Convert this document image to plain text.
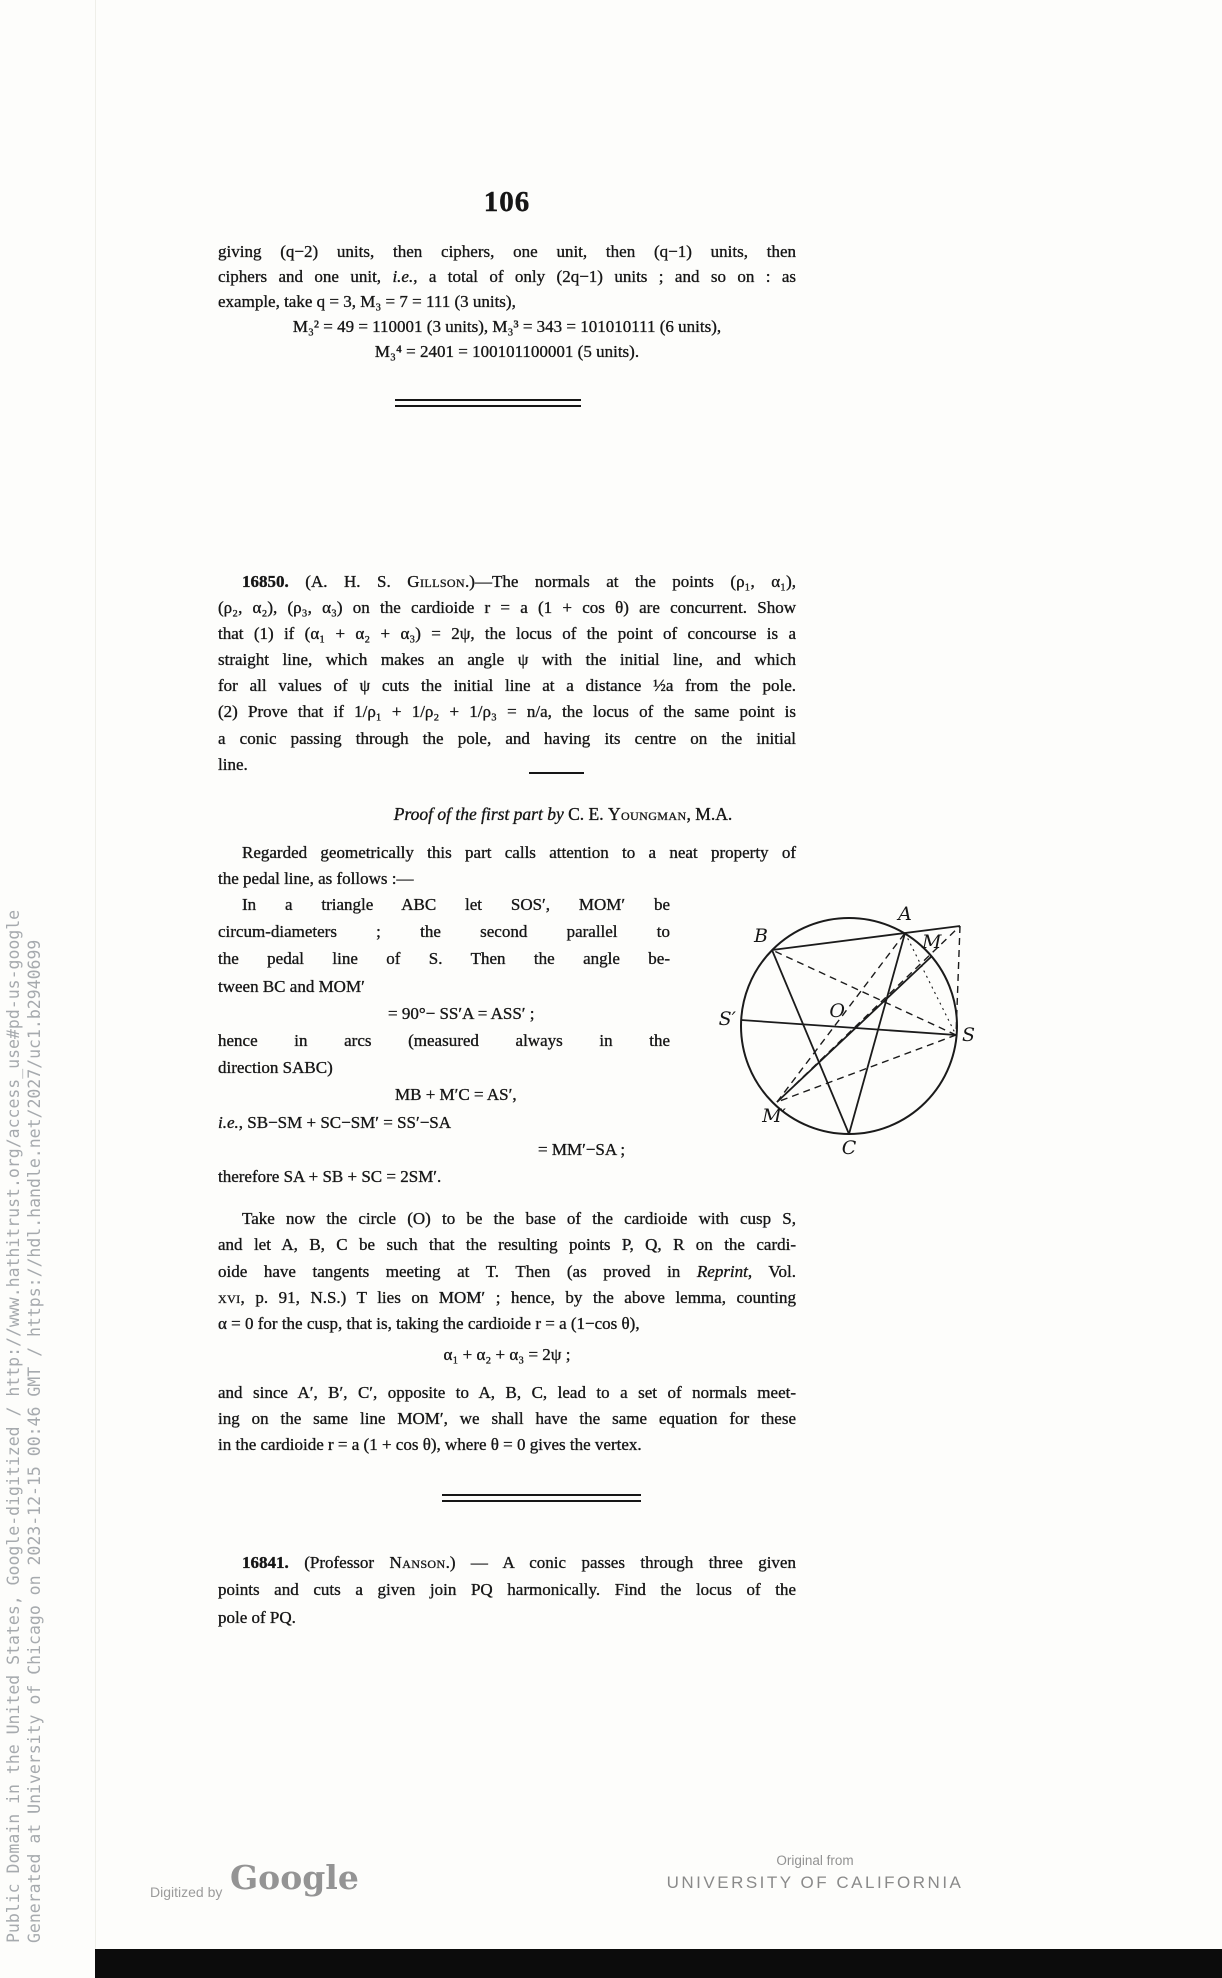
Public Domain in the United States, Google-digitized / http://www.hathitrust.org/access_use#pd-us-google Generated at University of Chicago on 2023-12-15 00:46 GMT / https://hdl.handle.net/2027/uc1.b2940699
106
giving (q−2) units, then ciphers, one unit, then (q−1) units, then
ciphers and one unit, i.e., a total of only (2q−1) units ; and so on : as
example, take q = 3, M₃ = 7 = 111 (3 units),
M₃² = 49 = 110001 (3 units), M₃³ = 343 = 101010111 (6 units),
M₃⁴ = 2401 = 100101100001 (5 units).
16850. (A. H. S. Gillson.)—The normals at the points (ρ₁, α₁),
(ρ₂, α₂), (ρ₃, α₃) on the cardioide r = a (1 + cos θ) are concurrent. Show
that (1) if (α₁ + α₂ + α₃) = 2ψ, the locus of the point of concourse is a
straight line, which makes an angle ψ with the initial line, and which
for all values of ψ cuts the initial line at a distance ½a from the pole.
(2) Prove that if 1/ρ₁ + 1/ρ₂ + 1/ρ₃ = n/a, the locus of the same point is
a conic passing through the pole, and having its centre on the initial
line.
Proof of the first part by C. E. Youngman, M.A.
Regarded geometrically this part calls attention to a neat property of
the pedal line, as follows :—
In a triangle ABC let SOS′, MOM′ be
circum-diameters ; the second parallel to
the pedal line of S. Then the angle be-
tween BC and MOM′
= 90°− SS′A = ASS′ ;
hence in arcs (measured always in the
direction SABC)
MB + M′C = AS′,
i.e., SB−SM + SC−SM′ = SS′−SA
= MM′−SA ;
therefore SA + SB + SC = 2SM′.
B
A
M
S′	O
S
M′
C
Take now the circle (O) to be the base of the cardioide with cusp S,
and let A, B, C be such that the resulting points P, Q, R on the cardi-
oide have tangents meeting at T. Then (as proved in Reprint, Vol.
xvi, p. 91, N.S.) T lies on MOM′ ; hence, by the above lemma, counting
α = 0 for the cusp, that is, taking the cardioide r = a (1−cos θ),
α₁ + α₂ + α₃ = 2ψ ;
and since A′, B′, C′, opposite to A, B, C, lead to a set of normals meet-
ing on the same line MOM′, we shall have the same equation for these
in the cardioide r = a (1 + cos θ), where θ = 0 gives the vertex.
16841. (Professor Nanson.) — A conic passes through three given
points and cuts a given join PQ harmonically. Find the locus of the
pole of PQ.
Digitized by Google	Original from
UNIVERSITY OF CALIFORNIA
